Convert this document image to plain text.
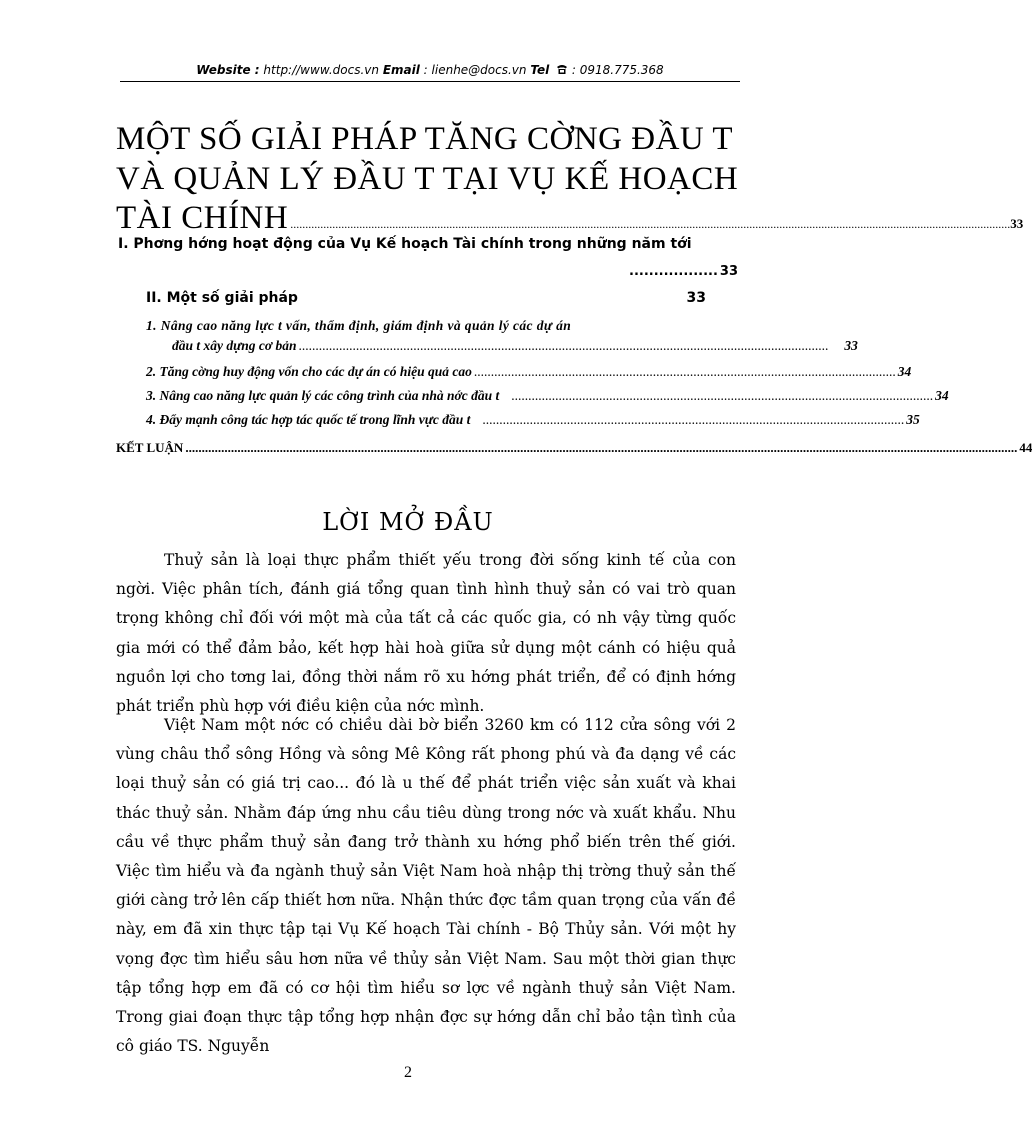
Website : http://www.docs.vn Email : lienhe@docs.vn Tel  : 0918.775.368
MỘT SỐ GIẢI PHÁP TĂNG CỜNG ĐẦU T
VÀ QUẢN LÝ ĐẦU T TẠI VỤ KẾ HOẠCH
TÀI CHÍNH ................................................................................................................................................................................................................................................ 33
I. Phơng hớng hoạt động của Vụ Kế hoạch Tài chính trong những năm tới
.................. 33
II. Một số giải pháp	33
1. Nâng cao năng lực t vấn, thẩm định, giám định và quản lý các dự án
đầu t xây dựng cơ bản ............................................................................................................................................................. 33
2. Tăng cờng huy động vốn cho các dự án có hiệu quả cao ............................................................................................................................. 34
3. Nâng cao năng lực quản lý các công trình của nhà nớc đầu t ............................................................................................................................. 34
4. Đẩy mạnh công tác hợp tác quốc tế trong lĩnh vực đầu t ............................................................................................................................. 35
KẾT LUẬN ................................................................................................................................................................................................................................................................ 44
LỜI MỞ ĐẦU

Thuỷ sản là loại thực phẩm thiết yếu trong đời sống kinh tế của con ngời. Việc phân tích, đánh giá tổng quan tình hình thuỷ sản có vai trò quan trọng không chỉ đối với một mà của tất cả các quốc gia, có nh vậy từng quốc gia mới có thể đảm bảo, kết hợp hài hoà giữa sử dụng một cánh có hiệu quả nguồn lợi cho tơng lai, đồng thời nắm rõ xu hớng phát triển, để có định hớng phát triển phù hợp với điều kiện của nớc mình.

Việt Nam một nớc có chiều dài bờ biển 3260 km có 112 cửa sông với 2 vùng châu thổ sông Hồng và sông Mê Kông rất phong phú và đa dạng về các loại thuỷ sản có giá trị cao... đó là u thế để phát triển việc sản xuất và khai thác thuỷ sản. Nhằm đáp ứng nhu cầu tiêu dùng trong nớc và xuất khẩu. Nhu cầu về thực phẩm thuỷ sản đang trở thành xu hớng phổ biến trên thế giới. Việc tìm hiểu và đa ngành thuỷ sản Việt Nam hoà nhập thị trờng thuỷ sản thế giới càng trở lên cấp thiết hơn nữa. Nhận thức đợc tầm quan trọng của vấn đề này, em đã xin thực tập tại Vụ Kế hoạch Tài chính - Bộ Thủy sản. Với một hy vọng đợc tìm hiểu sâu hơn nữa về thủy sản Việt Nam. Sau một thời gian thực tập tổng hợp em đã có cơ hội tìm hiểu sơ lợc về ngành thuỷ sản Việt Nam. Trong giai đoạn thực tập tổng hợp nhận đợc sự hớng dẫn chỉ bảo tận tình của cô giáo TS. Nguyễn

2
